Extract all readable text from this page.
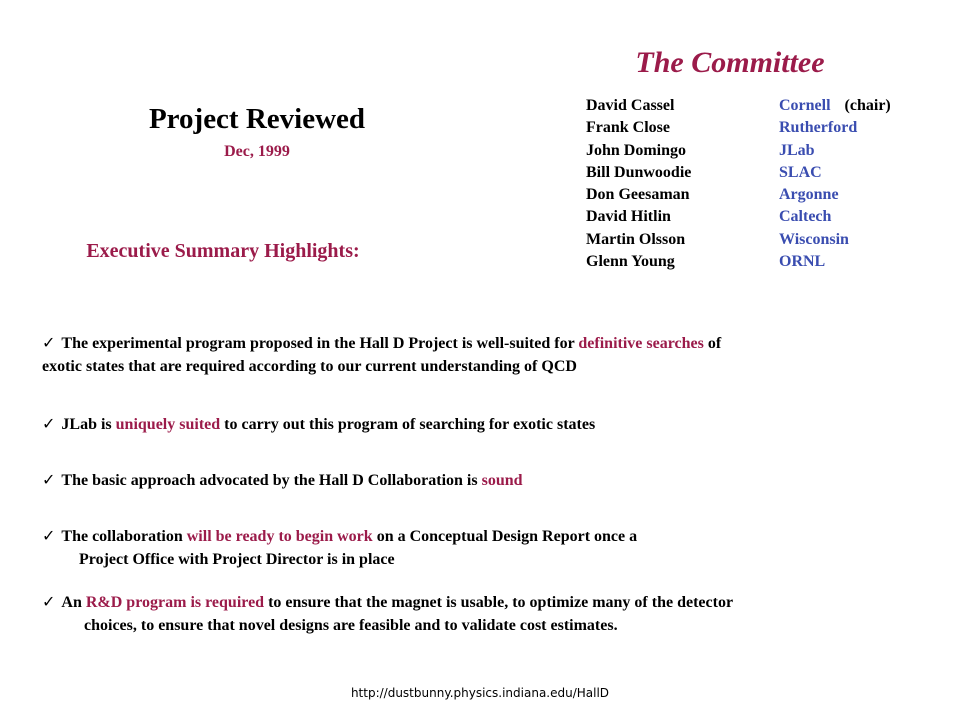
The Committee
David Cassel	Cornell (chair)
Frank Close	Rutherford
John Domingo	JLab
Bill Dunwoodie	SLAC
Don Geesaman	Argonne
David Hitlin	Caltech
Martin Olsson	Wisconsin
Glenn Young	ORNL
Project Reviewed
Dec, 1999
Executive Summary Highlights:
✓ The experimental program proposed in the Hall D Project is well-suited for definitive searches of
exotic states that are required according to our current understanding of QCD
✓ JLab is uniquely suited to carry out this program of searching for exotic states
✓ The basic approach advocated by the Hall D Collaboration is sound
✓ The collaboration will be ready to begin work on a Conceptual Design Report once a
Project Office with Project Director is in place
✓ An R&D program is required to ensure that the magnet is usable, to optimize many of the detector
choices, to ensure that novel designs are feasible and to validate cost estimates.
http://dustbunny.physics.indiana.edu/HallD
